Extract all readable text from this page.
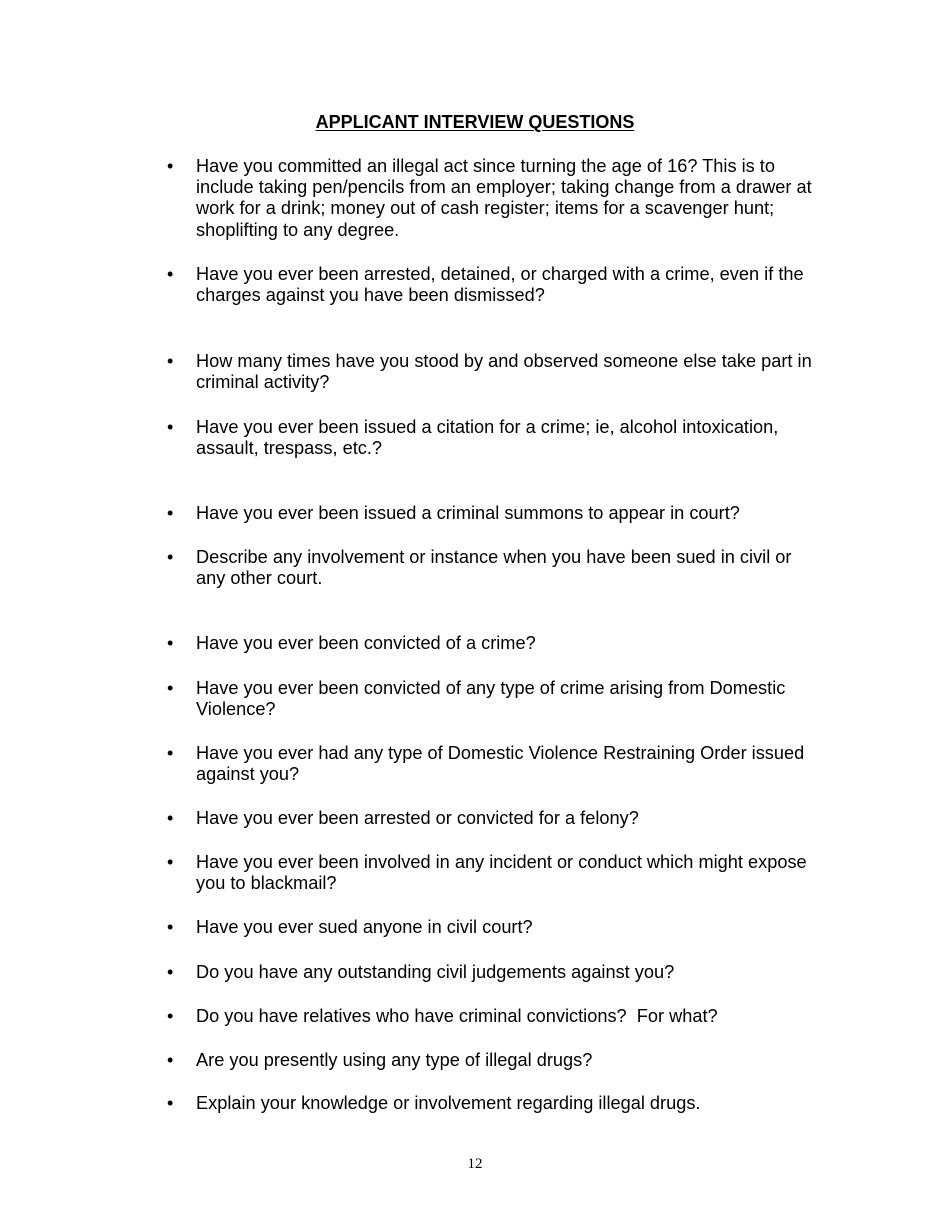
APPLICANT INTERVIEW QUESTIONS
•	Have you committed an illegal act since turning the age of 16? This is to include taking pen/pencils from an employer; taking change from a drawer at work for a drink; money out of cash register; items for a scavenger hunt; shoplifting to any degree.
•	Have you ever been arrested, detained, or charged with a crime, even if the charges against you have been dismissed?
•	How many times have you stood by and observed someone else take part in criminal activity?
•	Have you ever been issued a citation for a crime; ie, alcohol intoxication, assault, trespass, etc.?
•	Have you ever been issued a criminal summons to appear in court?
•	Describe any involvement or instance when you have been sued in civil or any other court.
•	Have you ever been convicted of a crime?
•	Have you ever been convicted of any type of crime arising from Domestic Violence?
•	Have you ever had any type of Domestic Violence Restraining Order issued against you?
•	Have you ever been arrested or convicted for a felony?
•	Have you ever been involved in any incident or conduct which might expose you to blackmail?
•	Have you ever sued anyone in civil court?
•	Do you have any outstanding civil judgements against you?
•	Do you have relatives who have criminal convictions?  For what?
•	Are you presently using any type of illegal drugs?
•	Explain your knowledge or involvement regarding illegal drugs.
12
